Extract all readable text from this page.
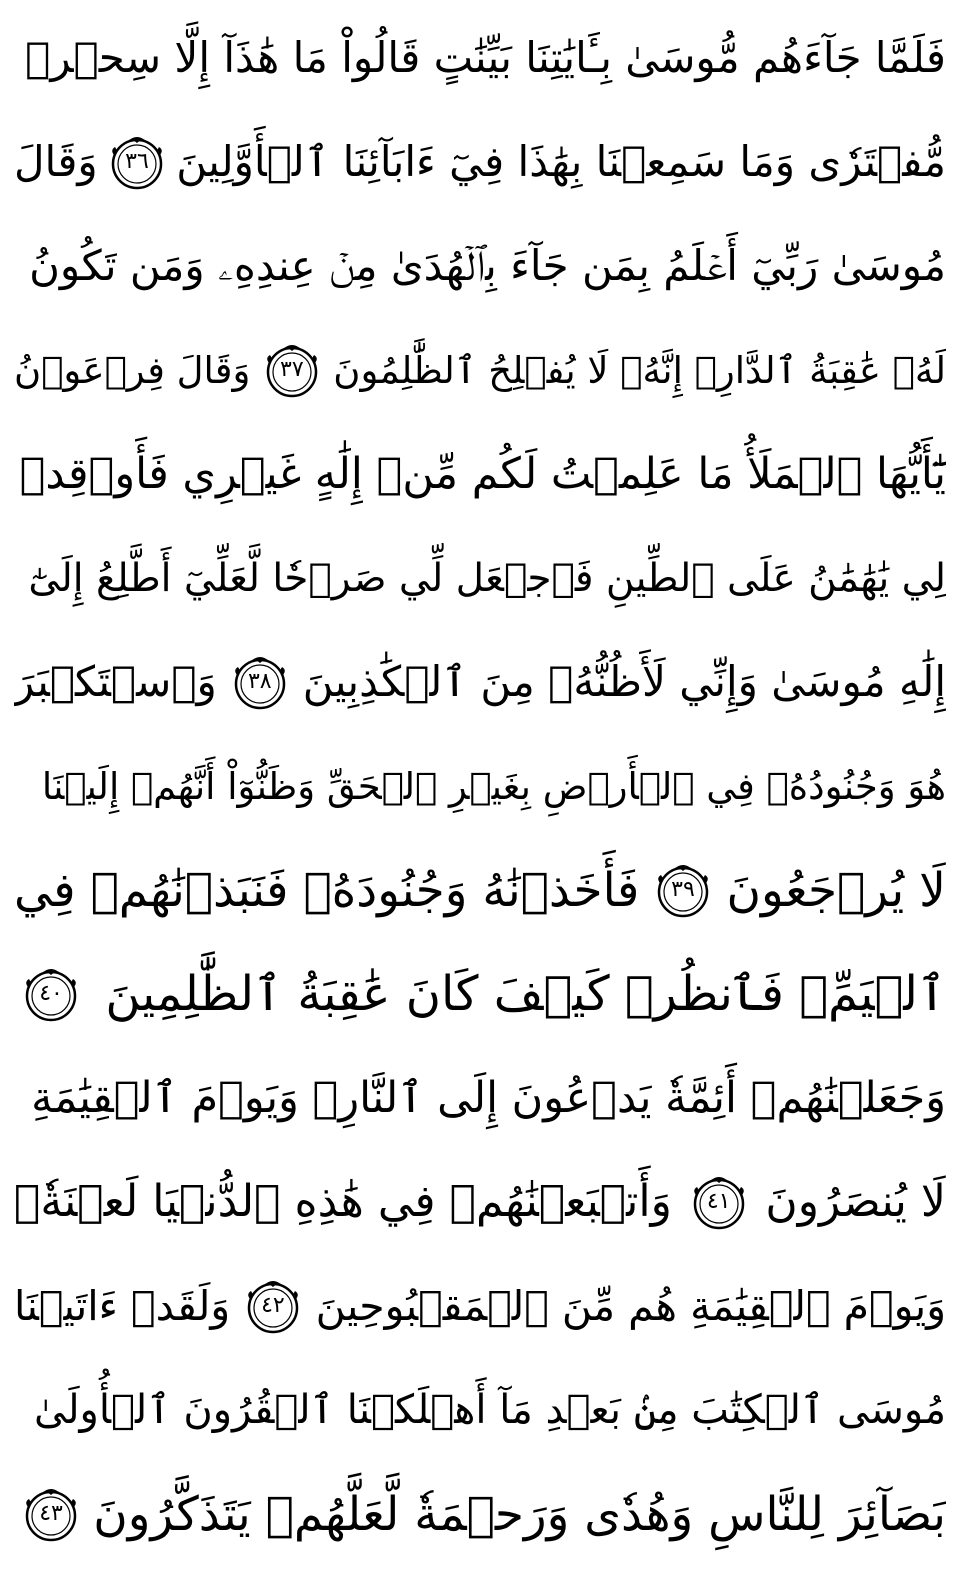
فَلَمَّا جَآءَهُم مُّوسَىٰ بِـَٔايَٰتِنَا بَيِّنَٰتٍ قَالُواْ مَا هَٰذَآ إِلَّا سِحۡرٞ
مُّفۡتَرٗى وَمَا سَمِعۡنَا بِهَٰذَا فِيٓ ءَابَآئِنَا ٱلۡأَوَّلِينَ
٣٦
وَقَالَ
مُوسَىٰ رَبِّيٓ أَعۡلَمُ بِمَن جَآءَ بِٱلۡهُدَىٰ مِنۡ عِندِهِۦ وَمَن تَكُونُ
لَهُۥ عَٰقِبَةُ ٱلدَّارِۚ إِنَّهُۥ لَا يُفۡلِحُ ٱلظَّٰلِمُونَ
٣٧
وَقَالَ فِرۡعَوۡنُ
يَٰٓأَيُّهَا ٱلۡمَلَأُ مَا عَلِمۡتُ لَكُم مِّنۡ إِلَٰهٍ غَيۡرِي فَأَوۡقِدۡ
لِي يَٰهَٰمَٰنُ عَلَى ٱلطِّينِ فَٱجۡعَل لِّي صَرۡحٗا لَّعَلِّيٓ أَطَّلِعُ إِلَىٰٓ
إِلَٰهِ مُوسَىٰ وَإِنِّي لَأَظُنُّهُۥ مِنَ ٱلۡكَٰذِبِينَ
٣٨
وَٱسۡتَكۡبَرَ
هُوَ وَجُنُودُهُۥ فِي ٱلۡأَرۡضِ بِغَيۡرِ ٱلۡحَقِّ وَظَنُّوٓاْ أَنَّهُمۡ إِلَيۡنَا
لَا يُرۡجَعُونَ
٣٩
فَأَخَذۡنَٰهُ وَجُنُودَهُۥ فَنَبَذۡنَٰهُمۡ فِي
ٱلۡيَمِّۖ فَٱنظُرۡ كَيۡفَ كَانَ عَٰقِبَةُ ٱلظَّٰلِمِينَ
٤٠
وَجَعَلۡنَٰهُمۡ أَئِمَّةٗ يَدۡعُونَ إِلَى ٱلنَّارِۖ وَيَوۡمَ ٱلۡقِيَٰمَةِ
لَا يُنصَرُونَ
٤١
وَأَتۡبَعۡنَٰهُمۡ فِي هَٰذِهِ ٱلدُّنۡيَا لَعۡنَةٗۖ
وَيَوۡمَ ٱلۡقِيَٰمَةِ هُم مِّنَ ٱلۡمَقۡبُوحِينَ
٤٢
وَلَقَدۡ ءَاتَيۡنَا
مُوسَى ٱلۡكِتَٰبَ مِنۢ بَعۡدِ مَآ أَهۡلَكۡنَا ٱلۡقُرُونَ ٱلۡأُولَىٰ
بَصَآئِرَ لِلنَّاسِ وَهُدٗى وَرَحۡمَةٗ لَّعَلَّهُمۡ يَتَذَكَّرُونَ
٤٣
